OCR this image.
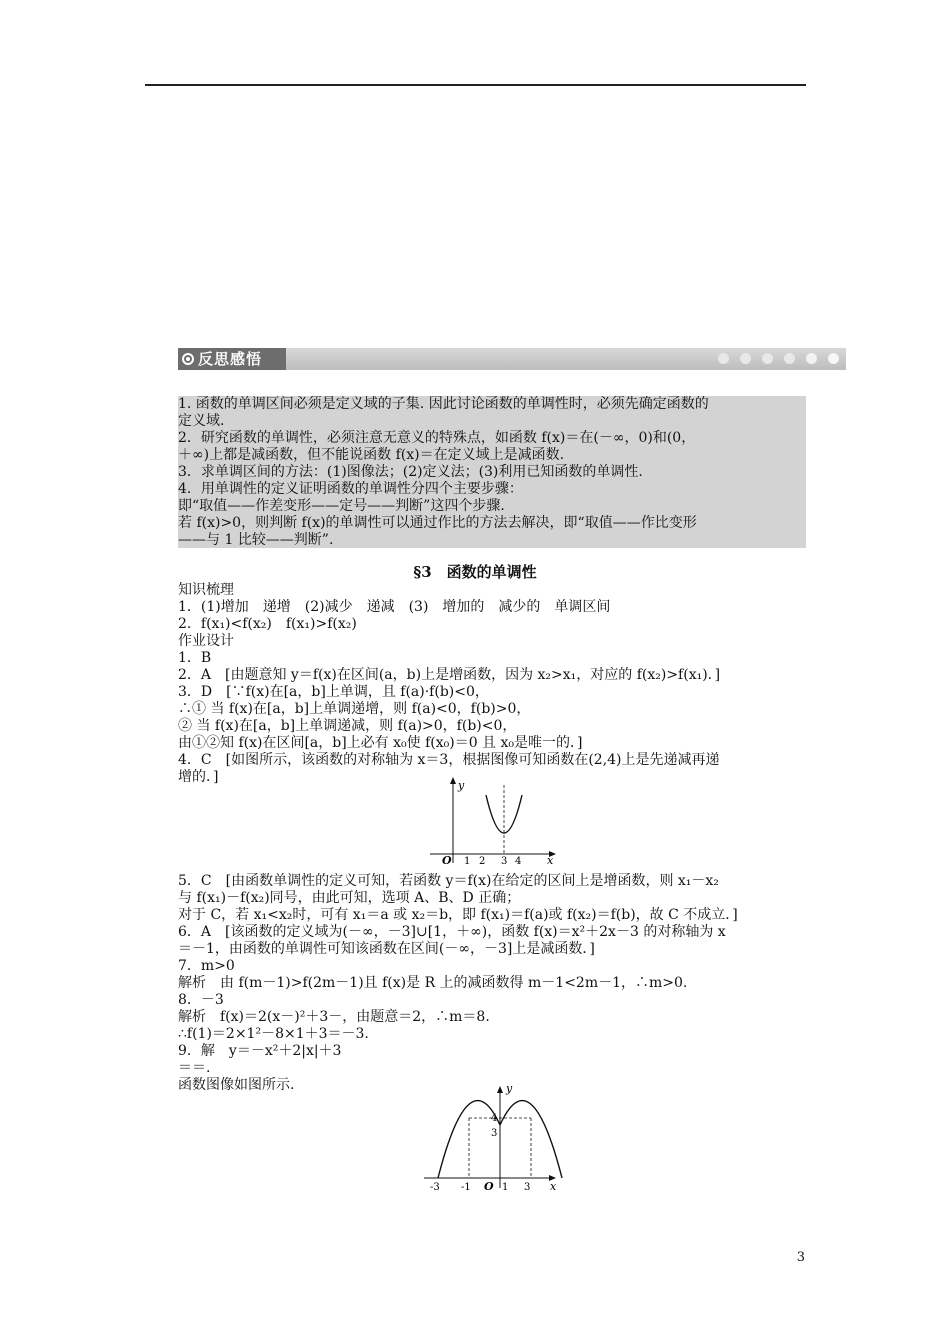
反思感悟
1. 函数的单调区间必须是定义域的子集. 因此讨论函数的单调性时，必须先确定函数的
定义域.
2．研究函数的单调性，必须注意无意义的特殊点，如函数 f(x)＝在(－∞，0)和(0，
＋∞)上都是减函数，但不能说函数 f(x)＝在定义域上是减函数.
3．求单调区间的方法：(1)图像法；(2)定义法；(3)利用已知函数的单调性.
4．用单调性的定义证明函数的单调性分四个主要步骤：
即“取值——作差变形——定号——判断”这四个步骤.
若 f(x)>0，则判断 f(x)的单调性可以通过作比的方法去解决，即“取值——作比变形
——与 1 比较——判断”.
§3　函数的单调性
知识梳理
1．(1)增加　递增　(2)减少　递减　(3)　增加的　减少的　单调区间
2．f(x₁)<f(x₂)　f(x₁)>f(x₂)
作业设计
1．B
2．A　[由题意知 y＝f(x)在区间(a，b)上是增函数，因为 x₂>x₁，对应的 f(x₂)>f(x₁)．]
3．D　[∵f(x)在[a，b]上单调，且 f(a)·f(b)<0，
∴① 当 f(x)在[a，b]上单调递增，则 f(a)<0，f(b)>0，
② 当 f(x)在[a，b]上单调递减，则 f(a)>0，f(b)<0，
由①②知 f(x)在区间[a，b]上必有 x₀使 f(x₀)＝0 且 x₀是唯一的．]
4．C　[如图所示，该函数的对称轴为 x＝3，根据图像可知函数在(2,4)上是先递减再递
增的．]
y
x
O 1 2 3 4
5．C　[由函数单调性的定义可知，若函数 y＝f(x)在给定的区间上是增函数，则 x₁－x₂
与 f(x₁)－f(x₂)同号，由此可知，选项 A、B、D 正确；
对于 C，若 x₁<x₂时，可有 x₁＝a 或 x₂＝b，即 f(x₁)＝f(a)或 f(x₂)＝f(b)，故 C 不成立．]
6．A　[该函数的定义域为(－∞，－3]∪[1，＋∞)，函数 f(x)＝x²＋2x－3 的对称轴为 x
＝－1，由函数的单调性可知该函数在区间(－∞，－3]上是减函数．]
7．m>0
解析　由 f(m－1)>f(2m－1)且 f(x)是 R 上的减函数得 m－1<2m－1，∴m>0.
8．－3
解析　f(x)＝2(x－)²＋3－，由题意＝2，∴m＝8.
∴f(1)＝2×1²－8×1＋3＝－3.
9．解　y＝－x²＋2|x|＋3
＝＝.
函数图像如图所示.	y
x
O
-3 -1	1 3
4
3
3
